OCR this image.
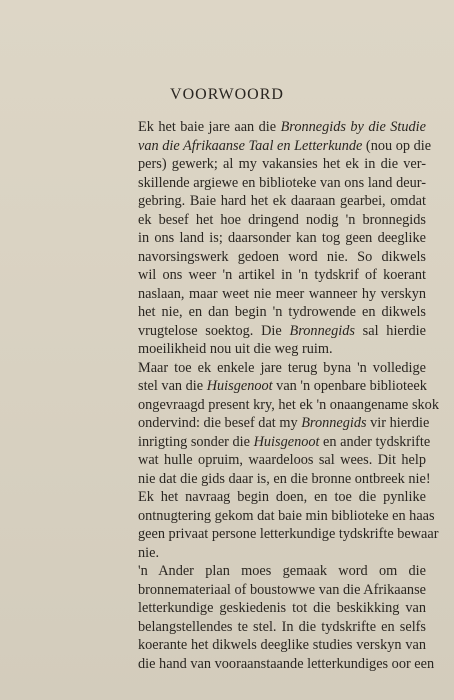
VOORWOORD
Ek het baie jare aan die Bronnegids by die Studie
van die Afrikaanse Taal en Letterkunde (nou op die
pers) gewerk; al my vakansies het ek in die ver-
skillende argiewe en biblioteke van ons land deur-
gebring. Baie hard het ek daaraan gearbei, omdat
ek besef het hoe dringend nodig 'n bronnegids
in ons land is; daarsonder kan tog geen deeglike
navorsingswerk gedoen word nie. So dikwels
wil ons weer 'n artikel in 'n tydskrif of koerant
naslaan, maar weet nie meer wanneer hy verskyn
het nie, en dan begin 'n tydrowende en dikwels
vrugtelose soektog. Die Bronnegids sal hierdie
moeilikheid nou uit die weg ruim.
Maar toe ek enkele jare terug byna 'n volledige
stel van die Huisgenoot van 'n openbare biblioteek
ongevraagd present kry, het ek 'n onaangename skok
ondervind: die besef dat my Bronnegids vir hierdie
inrigting sonder die Huisgenoot en ander tydskrifte
wat hulle opruim, waardeloos sal wees. Dit help
nie dat die gids daar is, en die bronne ontbreek nie!
Ek het navraag begin doen, en toe die pynlike
ontnugtering gekom dat baie min biblioteke en haas
geen privaat persone letterkundige tydskrifte bewaar
nie.
'n Ander plan moes gemaak word om die
bronnemateriaal of boustowwe van die Afrikaanse
letterkundige geskiedenis tot die beskikking van
belangstellendes te stel. In die tydskrifte en selfs
koerante het dikwels deeglike studies verskyn van
die hand van vooraanstaande letterkundiges oor een
